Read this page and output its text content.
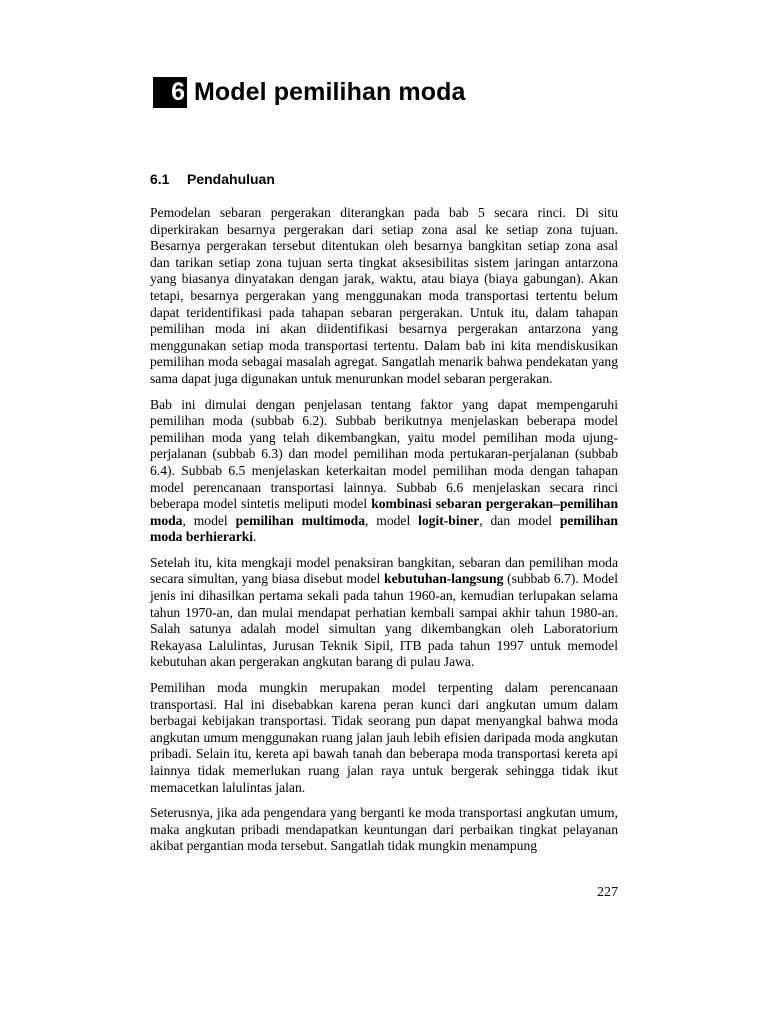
6 Model pemilihan moda
6.1	Pendahuluan

Pemodelan sebaran pergerakan diterangkan pada bab 5 secara rinci. Di situ diperkirakan besarnya pergerakan dari setiap zona asal ke setiap zona tujuan. Besarnya pergerakan tersebut ditentukan oleh besarnya bangkitan setiap zona asal dan tarikan setiap zona tujuan serta tingkat aksesibilitas sistem jaringan antarzona yang biasanya dinyatakan dengan jarak, waktu, atau biaya (biaya gabungan). Akan tetapi, besarnya pergerakan yang menggunakan moda transportasi tertentu belum dapat teridentifikasi pada tahapan sebaran pergerakan. Untuk itu, dalam tahapan pemilihan moda ini akan diidentifikasi besarnya pergerakan antarzona yang menggunakan setiap moda transportasi tertentu. Dalam bab ini kita mendiskusikan pemilihan moda sebagai masalah agregat. Sangatlah menarik bahwa pendekatan yang sama dapat juga digunakan untuk menurunkan model sebaran pergerakan.

Bab ini dimulai dengan penjelasan tentang faktor yang dapat mempengaruhi pemilihan moda (subbab 6.2). Subbab berikutnya menjelaskan beberapa model pemilihan moda yang telah dikembangkan, yaitu model pemilihan moda ujung-perjalanan (subbab 6.3) dan model pemilihan moda pertukaran-perjalanan (subbab 6.4). Subbab 6.5 menjelaskan keterkaitan model pemilihan moda dengan tahapan model perencanaan transportasi lainnya. Subbab 6.6 menjelaskan secara rinci beberapa model sintetis meliputi model kombinasi sebaran pergerakan–pemilihan moda, model pemilihan multimoda, model logit-biner, dan model pemilihan moda berhierarki.

Setelah itu, kita mengkaji model penaksiran bangkitan, sebaran dan pemilihan moda secara simultan, yang biasa disebut model kebutuhan-langsung (subbab 6.7). Model jenis ini dihasilkan pertama sekali pada tahun 1960-an, kemudian terlupakan selama tahun 1970-an, dan mulai mendapat perhatian kembali sampai akhir tahun 1980-an. Salah satunya adalah model simultan yang dikembangkan oleh Laboratorium Rekayasa Lalulintas, Jurusan Teknik Sipil, ITB pada tahun 1997 untuk memodel kebutuhan akan pergerakan angkutan barang di pulau Jawa.

Pemilihan moda mungkin merupakan model terpenting dalam perencanaan transportasi. Hal ini disebabkan karena peran kunci dari angkutan umum dalam berbagai kebijakan transportasi. Tidak seorang pun dapat menyangkal bahwa moda angkutan umum menggunakan ruang jalan jauh lebih efisien daripada moda angkutan pribadi. Selain itu, kereta api bawah tanah dan beberapa moda transportasi kereta api lainnya tidak memerlukan ruang jalan raya untuk bergerak sehingga tidak ikut memacetkan lalulintas jalan.

Seterusnya, jika ada pengendara yang berganti ke moda transportasi angkutan umum, maka angkutan pribadi mendapatkan keuntungan dari perbaikan tingkat pelayanan akibat pergantian moda tersebut. Sangatlah tidak mungkin menampung

227
